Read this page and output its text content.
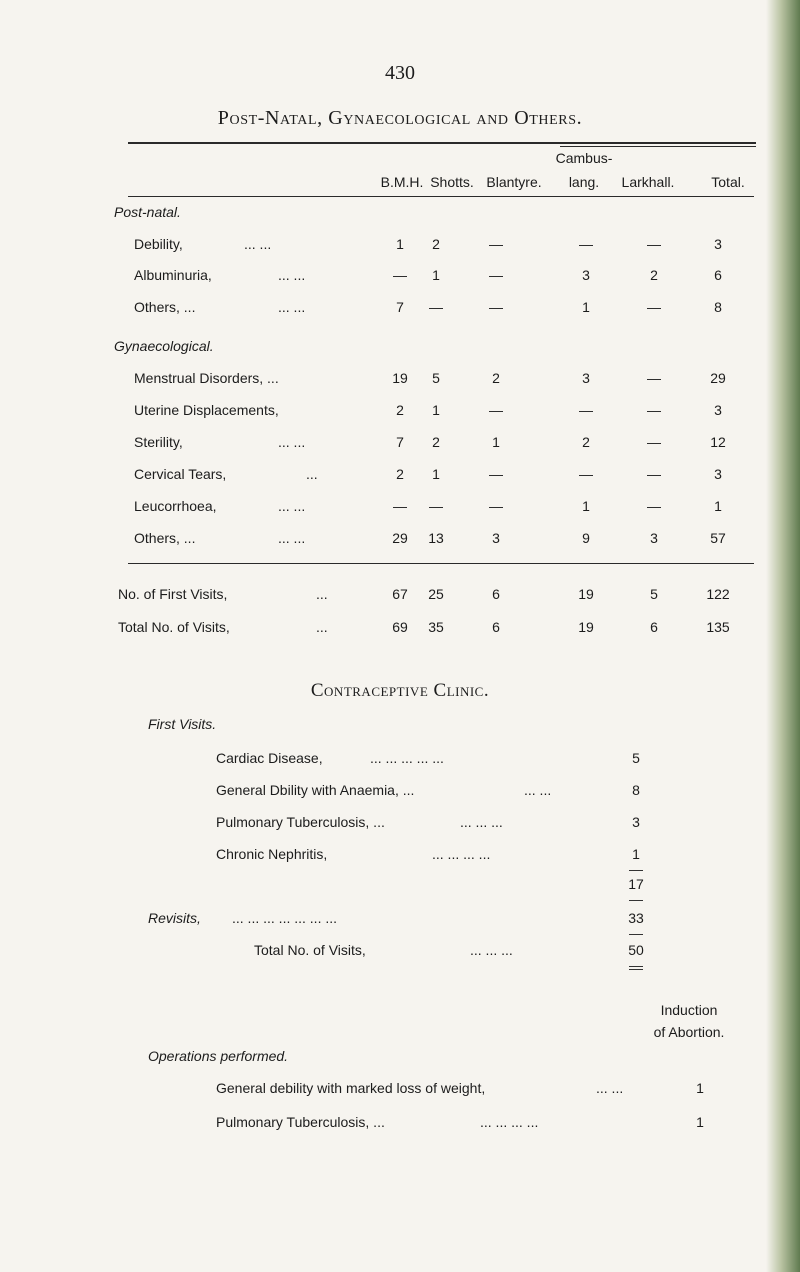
430
Post-Natal, Gynaecological and Others.
Cambus-
B.M.H. Shotts. Blantyre.	lang.	Larkhall.	Total.
Post-natal.
Debility,	... ...	1	2	—	—	—	3
Albuminuria,	... ...	—	1	—	3	2	6
Others, ...	... ...	7	—	—	1	—	8
Gynaecological.
Menstrual Disorders, ...	19	5	2	3	—	29
Uterine Displacements,	2	1	—	—	—	3
Sterility,	... ...	7	2	1	2	—	12
Cervical Tears,	...	2	1	—	—	—	3
Leucorrhoea,	... ...	—	—	—	1	—	1
Others, ...	... ...	29	13	3	9	3	57
No. of First Visits,	...	67	25	6	19	5	122
Total No. of Visits,	...	69	35	6	19	6	135
Contraceptive Clinic.
First Visits.
Cardiac Disease,	... ... ... ... ...	5
General Dbility with Anaemia, ...	... ...	8
Pulmonary Tuberculosis, ...	... ... ...	3
Chronic Nephritis,	... ... ... ...	1
17
Revisits, ... ... ... ... ... ... ...	33
Total No. of Visits,	... ... ...	50
Induction
of Abortion.
Operations performed.
General debility with marked loss of weight,	... ...	1
Pulmonary Tuberculosis, ...	... ... ... ...	1
